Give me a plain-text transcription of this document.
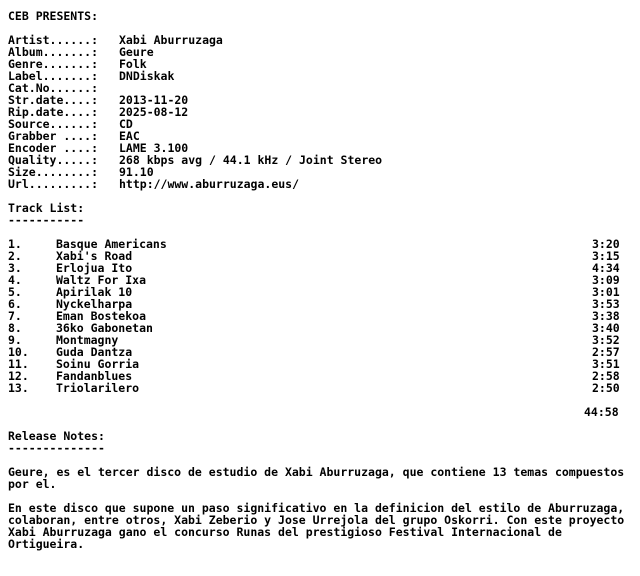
CEB PRESENTS:
Artist......:	Xabi Aburruzaga
Album.......:	Geure
Genre.......:	Folk
Label.......:	DNDiskak
Cat.No......:
Str.date....:	2013-11-20
Rip.date....:	2025-08-12
Source......:	CD
Grabber ....:	EAC
Encoder ....:	LAME 3.100
Quality.....:	268 kbps avg / 44.1 kHz / Joint Stereo
Size........:	91.10
Url.........:	http://www.aburruzaga.eus/
Track List:
-----------
1.	Basque Americans	3:20
2.	Xabi's Road	3:15
3.	Erlojua Ito	4:34
4.	Waltz For Ixa	3:09
5.	Apirilak 10	3:01
6.	Nyckelharpa	3:53
7.	Eman Bostekoa	3:38
8.	36ko Gabonetan	3:40
9.	Montmagny	3:52
10.	Guda Dantza	2:57
11.	Soinu Gorria	3:51
12.	Fandanblues	2:58
13.	Triolarilero	2:50
44:58
Release Notes:
--------------
Geure, es el tercer disco de estudio de Xabi Aburruzaga, que contiene 13 temas compuestos por el.
En este disco que supone un paso significativo en la definicion del estilo de Aburruzaga, colaboran, entre otros, Xabi Zeberio y Jose Urrejola del grupo Oskorri. Con este proyecto Xabi Aburruzaga gano el concurso Runas del prestigioso Festival Internacional de Ortigueira.
